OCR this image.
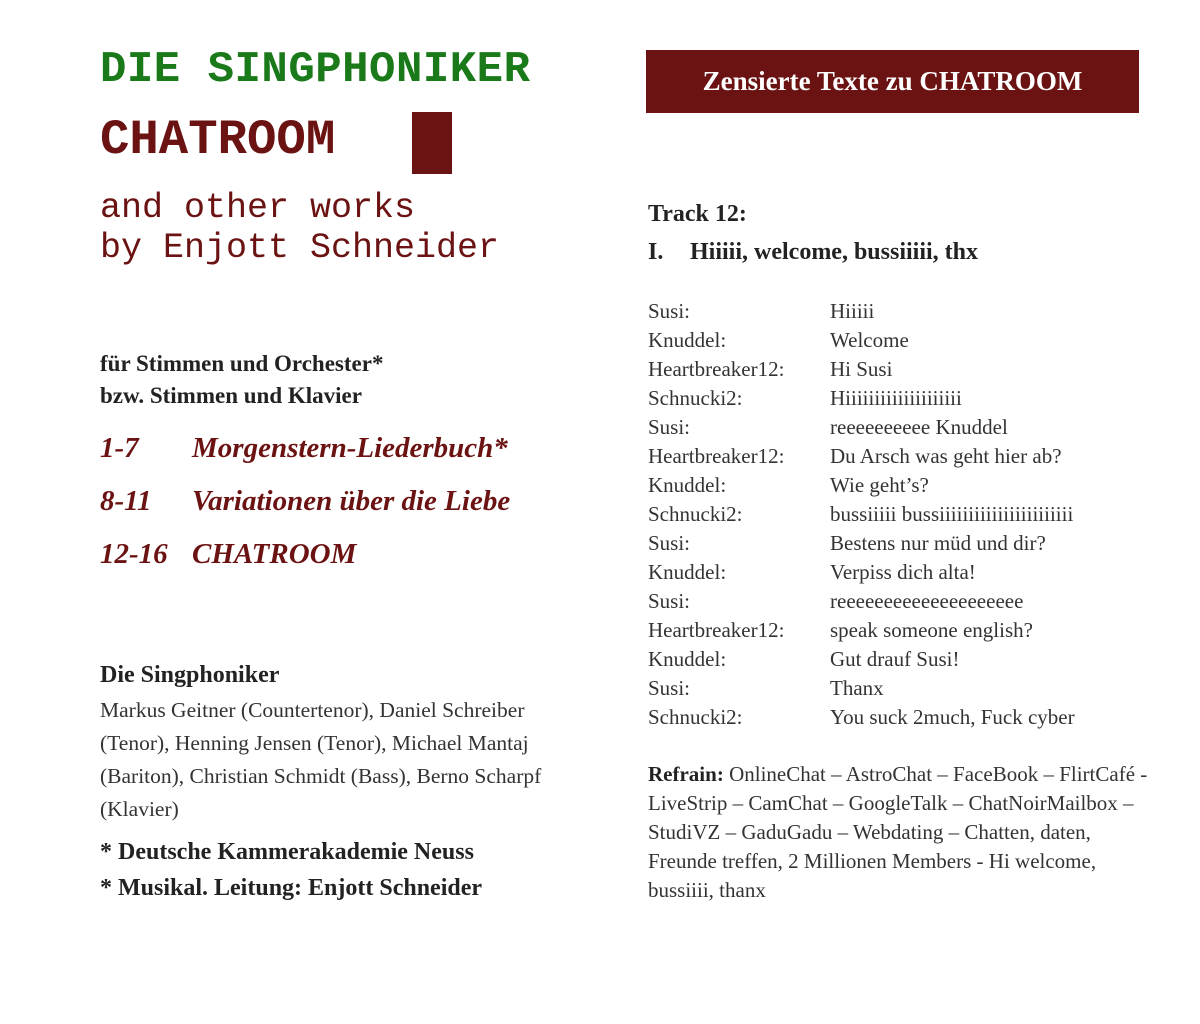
DIE SINGPHONIKER
CHATROOM
and other works
by Enjott Schneider
für Stimmen und Orchester*
bzw. Stimmen und Klavier
1-7 Morgenstern-Liederbuch*
8-11 Variationen über die Liebe
12-16 CHATROOM
Die Singphoniker

Markus Geitner (Countertenor), Daniel Schreiber (Tenor), Henning Jensen (Tenor), Michael Mantaj (Bariton), Christian Schmidt (Bass), Berno Scharpf (Klavier)

* Deutsche Kammerakademie Neuss
* Musikal. Leitung: Enjott Schneider
Zensierte Texte zu CHATROOM
Track 12:
I. Hiiiii, welcome, bussiiiii, thx
Susi:	Hiiiii
Knuddel:	Welcome
Heartbreaker12: Hi Susi
Schnucki2:	Hiiiiiiiiiiiiiiiiiiii
Susi:	reeeeeeeeee Knuddel
Heartbreaker12: Du Arsch was geht hier ab?
Knuddel:	Wie geht’s?
Schnucki2:	bussiiiii bussiiiiiiiiiiiiiiiiiiiiiii
Susi:	Bestens nur müd und dir?
Knuddel:	Verpiss dich alta!
Susi:	reeeeeeeeeeeeeeeeeeee
Heartbreaker12: speak someone english?
Knuddel:	Gut drauf Susi!
Susi:	Thanx
Schnucki2:	You suck 2much, Fuck cyber

Refrain: OnlineChat – AstroChat – FaceBook – FlirtCafé - LiveStrip – CamChat – GoogleTalk – ChatNoirMailbox – StudiVZ – GaduGadu – Webdating – Chatten, daten, Freunde treffen, 2 Millionen Members - Hi welcome, bussiiii, thanx
